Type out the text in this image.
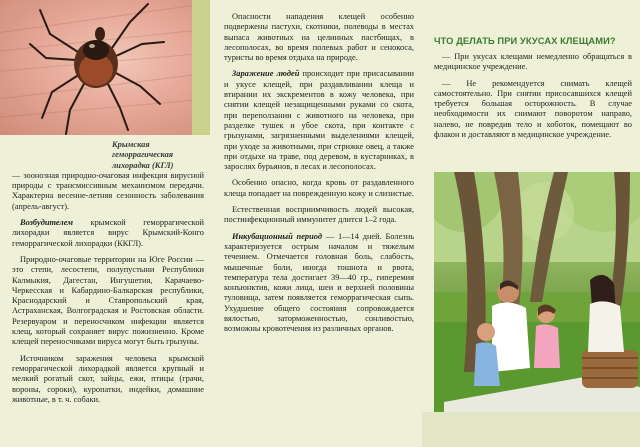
Крымская геморрагическая лихорадка (КГЛ)
— зоонозная природно-очаговая инфекция вирусной природы с трансмиссивным механизмом передачи. Характерна весенне-летняя сезонность заболевания (апрель-август).

Возбудителем крымской геморрагической лихорадки является вирус Крымский-Конго геморрагической лихорадки (ККГЛ).

Природно-очаговые территории на Юге России — это степи, лесостепи, полупустыни Республики Калмыкия, Дагестан, Ингушетия, Карачаево-Черкесская и Кабардино-Балкарская республики, Краснодарский и Ставропольский края, Астраханская, Волгоградская и Ростовская области. Резервуаром и переносчиком инфекции является клещ, который сохраняет вирус пожизненно. Кроме клещей переносчиками вируса могут быть грызуны.

Источником заражения человека крымской геморрагической лихорадкой является крупный и мелкий рогатый скот, зайцы, ежи, птицы (грачи, вороны, сороки), куропатки, индейки, домашние животные, в т. ч. собаки.

Опасности нападения клещей особенно подвержены пастухи, скотники, полеводы в местах выпаса животных на целинных пастбищах, в лесополосах, во время полевых работ и сенокоса, туристы во время отдыха на природе.

Заражение людей происходит при присасывании и укусе клещей, при раздавливании клеща и втирании их экскрементов в кожу человека, при снятии клещей незащищенными руками со скота, при переползании с животного на человека, при разделке тушек и убое скота, при контакте с грызунами, загрязненными выделениями клещей, при уходе за животными, при стрижке овец, а также при отдыхе на траве, под деревом, в кустарниках, в зарослях бурьянов, в лесах и лесополосах.

Особенно опасно, когда кровь от раздавленного клеща попадает на поврежденную кожу и слизистые.

Естественная восприимчивость людей высокая, постинфекционный иммунитет длится 1–2 года.

Инкубационный период — 1—14 дней. Болезнь характеризуется острым началом и тяжелым течением. Отмечается головная боль, слабость, мышечные боли, иногда тошнота и рвота, температура тела достигает 39—40 гр., гиперемия конъюнктив, кожи лица, шеи и верхней половины туловища, затем появляется геморрагическая сыпь. Ухудшение общего состояния сопровождается вялостью, заторможенностью, сонливостью, возможны кровотечения из различных органов.

ЧТО ДЕЛАТЬ ПРИ УКУСАХ КЛЕЩАМИ?

— При укусах клещами немедленно обращаться в медицинское учреждение.

— Не рекомендуется снимать клещей самостоятельно. При снятии присосавшихся клещей требуется большая осторожность. В случае необходимости их снимают поворотом направо, налево, не повредив тело и хоботок, помещают во флакон и доставляют в медицинское учреждение.
